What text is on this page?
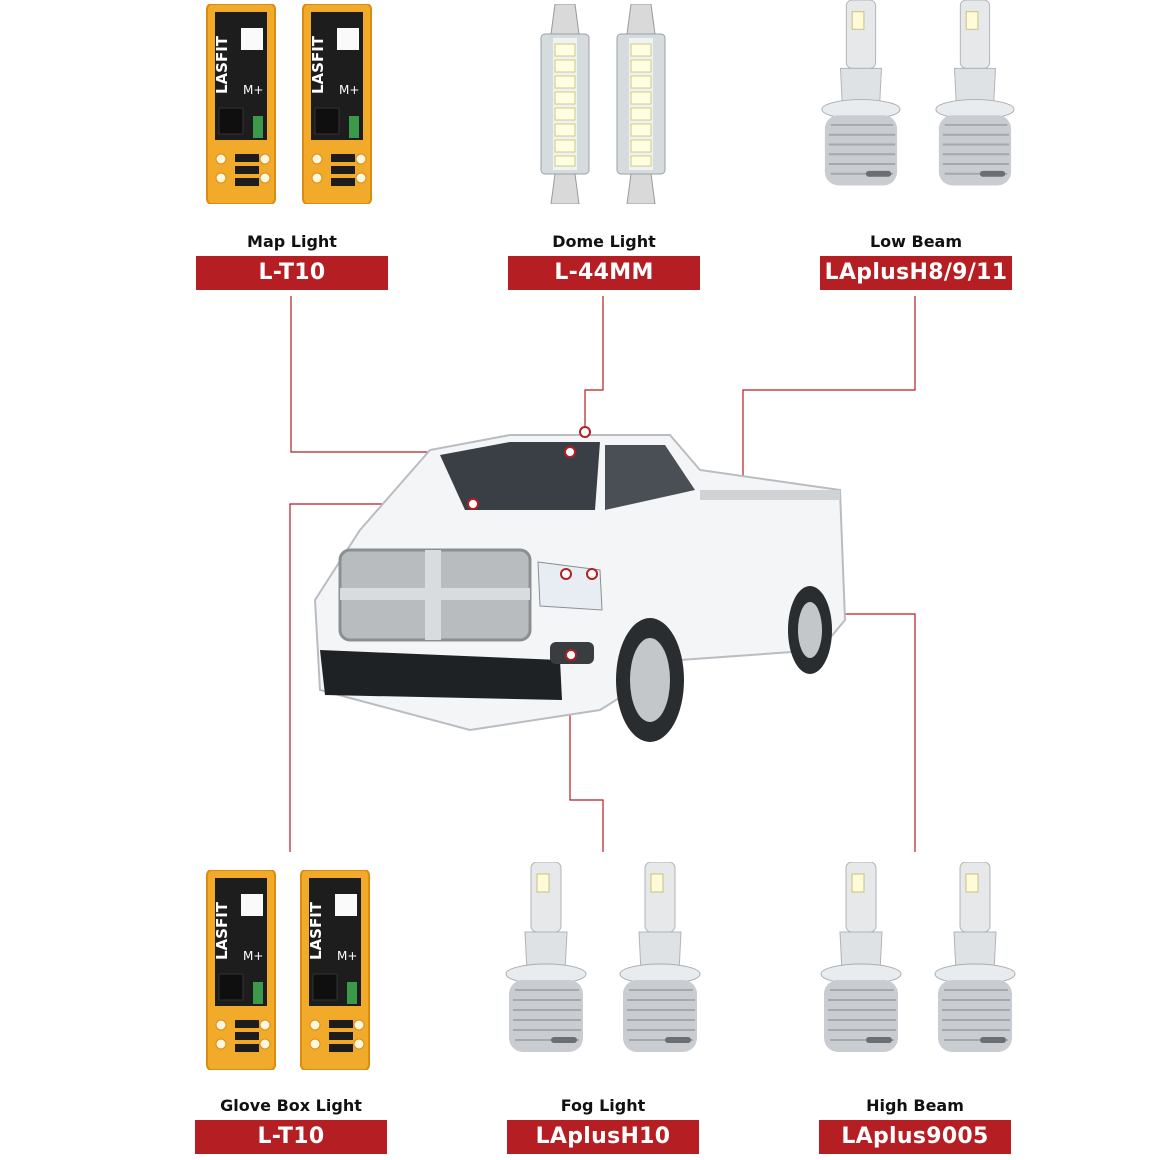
Map Light
L-T10
Dome Light
L-44MM
Low Beam
LAplusH8/9/11
Glove Box Light
L-T10
Fog Light
LAplusH10
High Beam
LAplus9005
